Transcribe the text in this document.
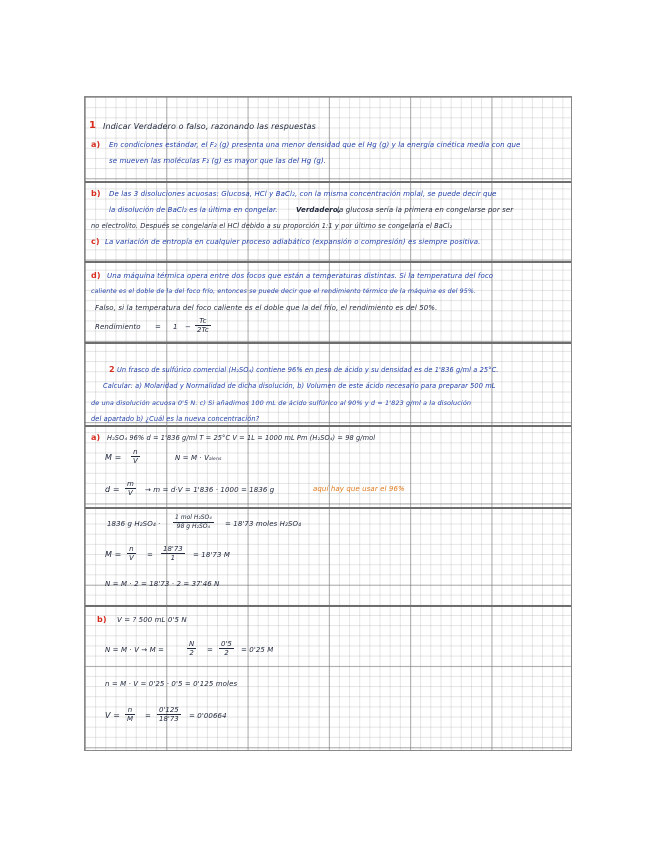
1 Indicar Verdadero o falso, razonando las respuestas
a) En condiciones estándar, el F₂ (g) presenta una menor densidad que el Hg (g) y la energía cinética media con que
se mueven las moléculas F₂ (g) es mayor que las del Hg (g).
b) De las 3 disoluciones acuosas: Glucosa, HCl y BaCl₂, con la misma concentración molal, se puede decir que
la disolución de BaCl₂ es la última en congelar.	Verdadero,
la glucosa sería la primera en congelarse por ser
no electrolito. Después se congelaría el HCl debido a su proporción 1:1 y por último se congelaría el BaCl₂
c) La variación de entropía en cualquier proceso adiabático (expansión o compresión) es siempre positiva.
d) Una máquina térmica opera entre dos focos que están a temperaturas distintas. Si la temperatura del foco
caliente es el doble de la del foco frío, entonces se puede decir que el rendimiento térmico de la máquina es del 95%.
Falso, si la temperatura del foco caliente es el doble que la del frío, el rendimiento es del 50%.
Rendimiento = $1 - \frac{Tc}{2Tc}$
2 Un frasco de sulfúrico comercial (H₂SO₄) contiene 96% en peso de ácido y su densidad es de 1'836 g/ml a 25°C.
Calcular: a) Molaridad y Normalidad de dicha disolución, b) Volumen de este ácido necesario para preparar 500 mL
de una disolución acuosa 0'5 N. c) Si añadimos 100 mL de ácido sulfúrico al 90% y d = 1'823 g/ml a la disolución
del apartado b) ¿Cuál es la nueva concentración?
a) H₂SO₄ 96% d = 1'836 g/ml T = 25°C V = 1L = 1000 mL Pm (H₂SO₄) = 98 g/mol
$M = \frac{n}{V}$	N = M · Vₐₗₑₙₛ
$d = \frac{m}{V} \to m = d\cdot V = 1'836 \cdot 1000 = 1836$ g	aquí hay que usar el 96%
1836 g H₂SO₄ ·
1 mol H₂SO₄
98 g H₂SO₄	= 18'73 moles H₂SO₄
$M = \frac{n}{V} = \frac{18'73}{1} = 18'73$ M
N = M · 2 = 18'73 · 2 = 37'46 N
b) V = ? 500 mL 0'5 N
N = M · V → M =	$\frac{N}{2} = \frac{0'5}{2} = 0'25$ M
n = M · V = 0'25 · 0'5 = 0'125 moles
$V = \frac{n}{M} = \frac{0'125}{18'73} = 0'00664$
